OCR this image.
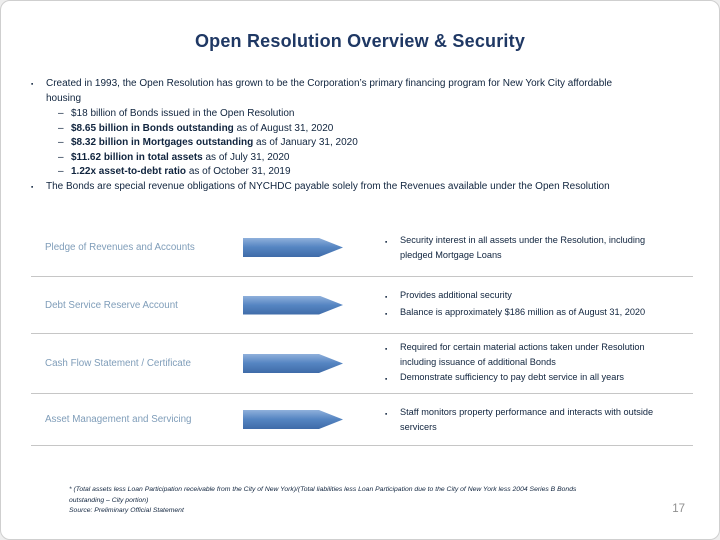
Open Resolution Overview & Security
▪	Created in 1993, the Open Resolution has grown to be the Corporation’s primary financing program for New York City affordable housing
– $18 billion of Bonds issued in the Open Resolution
– $8.65 billion in Bonds outstanding as of August 31, 2020
– $8.32 billion in Mortgages outstanding as of January 31, 2020
– $11.62 billion in total assets as of July 31, 2020
– 1.22x asset-to-debt ratio as of October 31, 2019
▪	The Bonds are special revenue obligations of NYCHDC payable solely from the Revenues available under the Open Resolution
Pledge of Revenues and Accounts	▪	Security interest in all assets under the Resolution, including pledged Mortgage Loans
Debt Service Reserve Account
▪	Provides additional security
▪	Balance is approximately $186 million as of August 31, 2020
Cash Flow Statement / Certificate
▪	Required for certain material actions taken under Resolution including issuance of additional Bonds
▪	Demonstrate sufficiency to pay debt service in all years
Asset Management and Servicing	▪	Staff monitors property performance and interacts with outside servicers
* (Total assets less Loan Participation receivable from the City of New York)/(Total liabilities less Loan Participation due to the City of New York less 2004 Series B Bonds outstanding – City portion)
Source: Preliminary Official Statement	17
